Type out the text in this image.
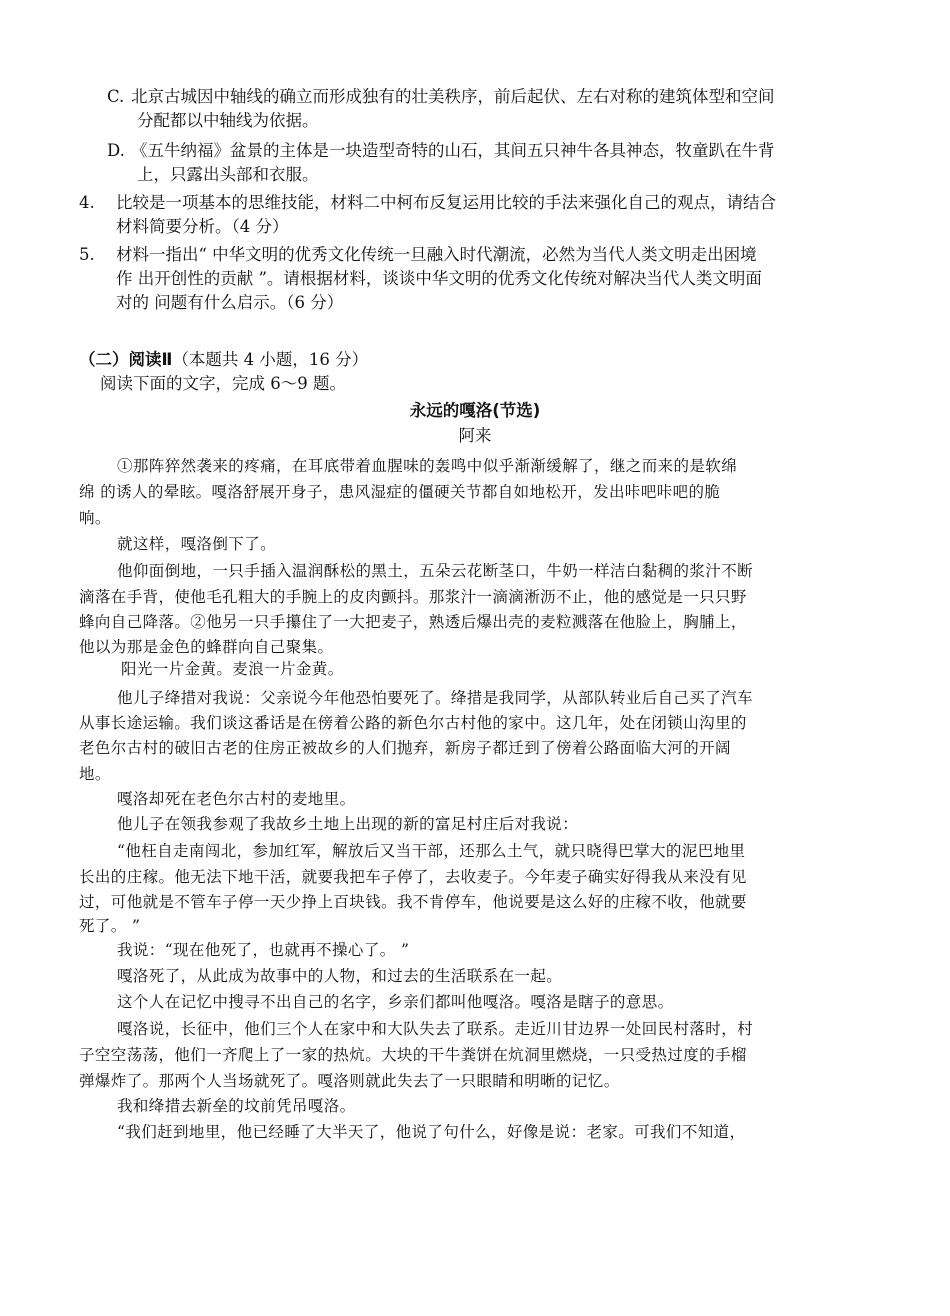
C. 北京古城因中轴线的确立而形成独有的壮美秩序，前后起伏、左右对称的建筑体型和空间
分配都以中轴线为依据。
D. 《五牛纳福》盆景的主体是一块造型奇特的山石，其间五只神牛各具神态，牧童趴在牛背
上，只露出头部和衣服。
4. 比较是一项基本的思维技能，材料二中柯布反复运用比较的手法来强化自己的观点，请结合
材料简要分析。（4 分）
5. 材料一指出“ 中华文明的优秀文化传统一旦融入时代潮流，必然为当代人类文明走出困境
作 出开创性的贡献 ”。请根据材料，谈谈中华文明的优秀文化传统对解决当代人类文明面
对的 问题有什么启示。（6 分）
（二）阅读Ⅱ（本题共 4 小题，16 分）
阅读下面的文字，完成 6～9 题。
永远的嘎洛(节选)
阿来
①那阵猝然袭来的疼痛，在耳底带着血腥味的轰鸣中似乎渐渐缓解了，继之而来的是软绵
绵 的诱人的晕眩。嘎洛舒展开身子，患风湿症的僵硬关节都自如地松开，发出咔吧咔吧的脆
响。
就这样，嘎洛倒下了。
他仰面倒地，一只手插入温润酥松的黑土，五朵云花断茎口，牛奶一样洁白黏稠的浆汁不断
滴落在手背，使他毛孔粗大的手腕上的皮肉颤抖。那浆汁一滴滴淅沥不止，他的感觉是一只只野
蜂向自己降落。②他另一只手攥住了一大把麦子，熟透后爆出壳的麦粒溅落在他脸上，胸脯上，
他以为那是金色的蜂群向自己聚集。
阳光一片金黄。麦浪一片金黄。
他儿子绛措对我说：父亲说今年他恐怕要死了。绛措是我同学，从部队转业后自己买了汽车
从事长途运输。我们谈这番话是在傍着公路的新色尔古村他的家中。这几年，处在闭锁山沟里的
老色尔古村的破旧古老的住房正被故乡的人们抛弃，新房子都迁到了傍着公路面临大河的开阔
地。
嘎洛却死在老色尔古村的麦地里。
他儿子在领我参观了我故乡土地上出现的新的富足村庄后对我说：
“他枉自走南闯北，参加红军，解放后又当干部，还那么土气，就只晓得巴掌大的泥巴地里
长出的庄稼。他无法下地干活，就要我把车子停了，去收麦子。今年麦子确实好得我从来没有见
过，可他就是不管车子停一天少挣上百块钱。我不肯停车，他说要是这么好的庄稼不收，他就要
死了。 ”
我说：“现在他死了，也就再不操心了。 ”
嘎洛死了，从此成为故事中的人物，和过去的生活联系在一起。
这个人在记忆中搜寻不出自己的名字，乡亲们都叫他嘎洛。嘎洛是瞎子的意思。
嘎洛说，长征中，他们三个人在家中和大队失去了联系。走近川甘边界一处回民村落时，村
子空空荡荡，他们一齐爬上了一家的热炕。大块的干牛粪饼在炕洞里燃烧，一只受热过度的手榴
弹爆炸了。那两个人当场就死了。嘎洛则就此失去了一只眼睛和明晰的记忆。
我和绛措去新垒的坟前凭吊嘎洛。
“我们赶到地里，他已经睡了大半天了，他说了句什么，好像是说：老家。可我们不知道，
